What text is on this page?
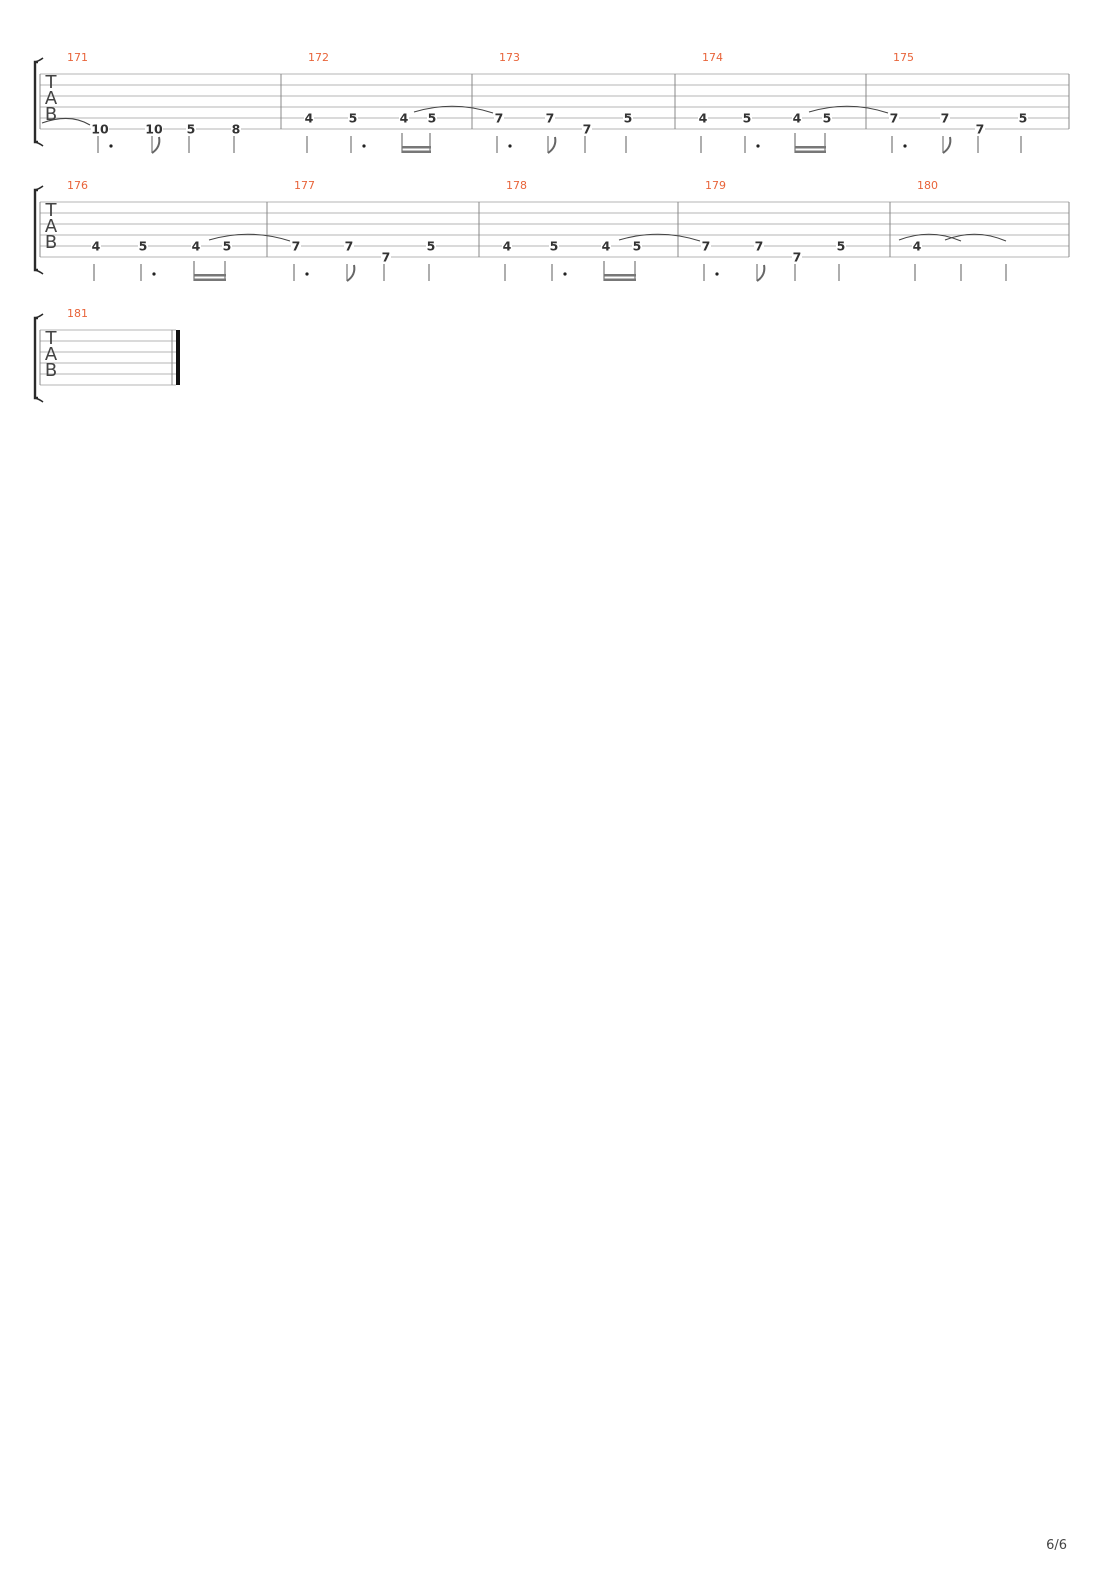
T
A
B
171
10	10 5	8
172
4	5	4 5
173
7	7
7
5
174
4	5	4 5
175
7	7
7
5
T
A
B
176
4	5	4 5
177
7	7
7
5
178
4	5	4 5
179
7	7
7
5
180
4
T
A
B
181
6/6
